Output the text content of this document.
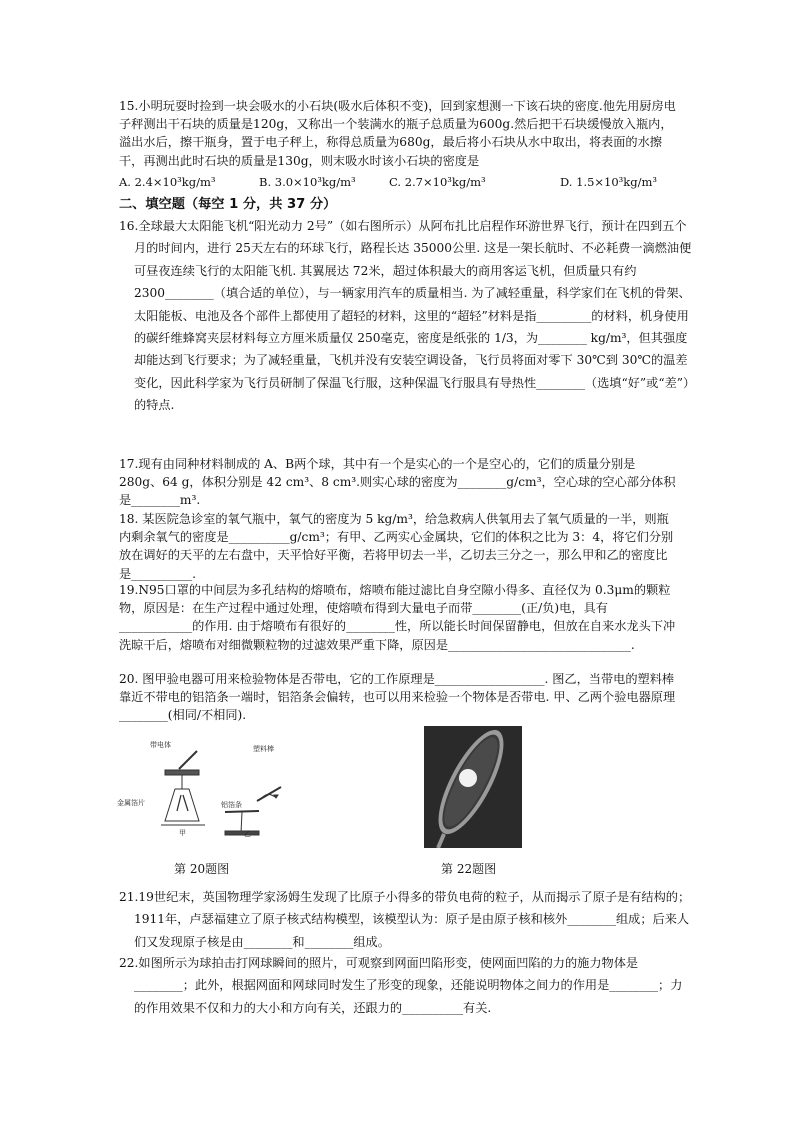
15.小明玩耍时捡到一块会吸水的小石块(吸水后体积不变)，回到家想测一下该石块的密度.他先用厨房电子秤测出干石块的质量是120g，又称出一个装满水的瓶子总质量为600g.然后把干石块缓慢放入瓶内，溢出水后，擦干瓶身，置于电子秤上，称得总质量为680g，最后将小石块从水中取出，将表面的水擦干，再测出此时石块的质量是130g，则末吸水时该小石块的密度是

A. 2.4×10³kg/m³	B. 3.0×10³kg/m³	C. 2.7×10³kg/m³	D. 1.5×10³kg/m³
二、填空题（每空 1 分，共 37 分）

16.全球最大太阳能飞机“阳光动力 2号”（如右图所示）从阿布扎比启程作环游世界飞行，预计在四到五个月的时间内，进行 25天左右的环球飞行，路程长达 35000公里. 这是一架长航时、不必耗费一滴燃油便可昼夜连续飞行的太阳能飞机. 其翼展达 72米，超过体积最大的商用客运飞机，但质量只有约 2300________（填合适的单位），与一辆家用汽车的质量相当. 为了减轻重量，科学家们在飞机的骨架、太阳能板、电池及各个部件上都使用了超轻的材料，这里的“超轻”材料是指_________的材料，机身使用的碳纤维蜂窝夹层材料每立方厘米质量仅 250毫克，密度是纸张的 1/3，为________ kg/m³，但其强度却能达到飞行要求；为了减轻重量，飞机并没有安装空调设备，飞行员将面对零下 30℃到 30℃的温差变化，因此科学家为飞行员研制了保温飞行服，这种保温飞行服具有导热性________（选填“好”或“差”）的特点.

17.现有由同种材料制成的 A、B两个球，其中有一个是实心的一个是空心的，它们的质量分别是 280g、64 g，体积分别是 42 cm³、8 cm³.则实心球的密度为________g/cm³，空心球的空心部分体积是________m³.

18. 某医院急诊室的氧气瓶中，氧气的密度为 5 kg/m³，给急救病人供氧用去了氧气质量的一半，则瓶内剩余氧气的密度是__________g/cm³；有甲、乙两实心金属块，它们的体积之比为 3：4，将它们分别放在调好的天平的左右盘中，天平恰好平衡，若将甲切去一半，乙切去三分之一，那么甲和乙的密度比是__________.

19.N95口罩的中间层为多孔结构的熔喷布，熔喷布能过滤比自身空隙小得多、直径仅为 0.3μm的颗粒物，原因是：在生产过程中通过处理，使熔喷布得到大量电子而带________(正/负)电，具有____________的作用. 由于熔喷布有很好的________性，所以能长时间保留静电，但放在自来水龙头下冲洗晾干后，熔喷布对细微颗粒物的过滤效果严重下降，原因是______________________________.

20. 图甲验电器可用来检验物体是否带电，它的工作原理是__________________. 图乙，当带电的塑料棒靠近不带电的铝箔条一端时，铝箔条会偏转，也可以用来检验一个物体是否带电. 甲、乙两个验电器原理________(相同/不相同).

带电体	塑料棒
铝箔条
金属箔片
甲	乙
第 20题图	第 22题图

21.19世纪末，英国物理学家汤姆生发现了比原子小得多的带负电荷的粒子，从而揭示了原子是有结构的；1911年，卢瑟福建立了原子核式结构模型，该模型认为：原子是由原子核和核外________组成；后来人们又发现原子核是由________和________组成。

22.如图所示为球拍击打网球瞬间的照片，可观察到网面凹陷形变，使网面凹陷的力的施力物体是________；此外，根据网面和网球同时发生了形变的现象，还能说明物体之间力的作用是________；力的作用效果不仅和力的大小和方向有关，还跟力的__________有关.
